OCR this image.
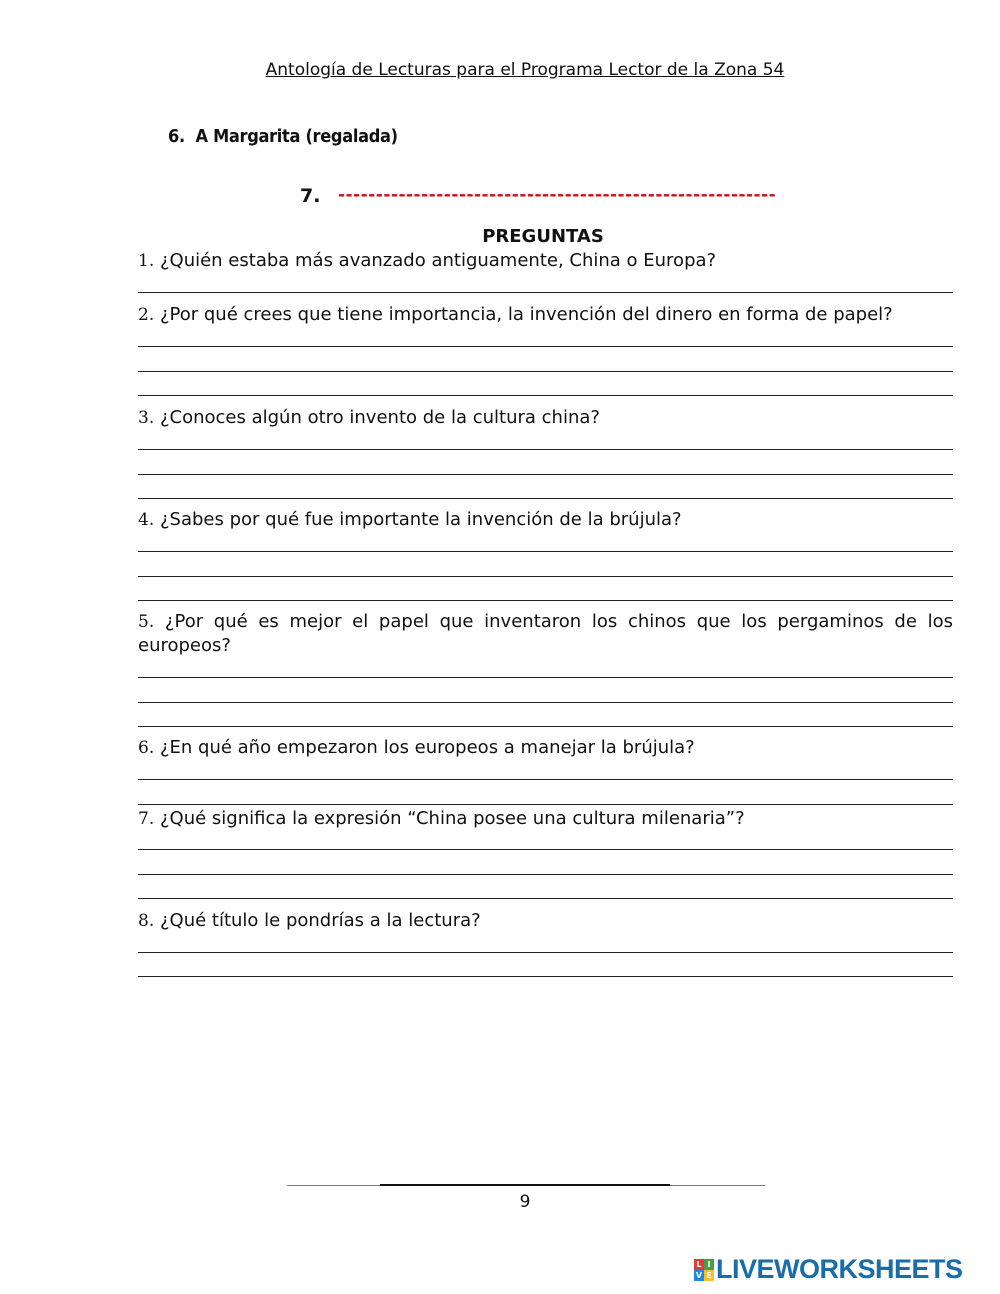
Antología de Lecturas para el Programa Lector de la Zona 54
6. A Margarita (regalada)
7. ----------------------------------------------------------
PREGUNTAS
1. ¿Quién estaba más avanzado antiguamente, China o Europa?
2. ¿Por qué crees que tiene importancia, la invención del dinero en forma de papel?
3. ¿Conoces algún otro invento de la cultura china?
4. ¿Sabes por qué fue importante la invención de la brújula?
5. ¿Por qué es mejor el papel que inventaron los chinos que los pergaminos de los europeos?
6. ¿En qué año empezaron los europeos a manejar la brújula?
7. ¿Qué significa la expresión “China posee una cultura milenaria”?
8. ¿Qué título le pondrías a la lectura?
9
L I
V E LIVEWORKSHEETS
